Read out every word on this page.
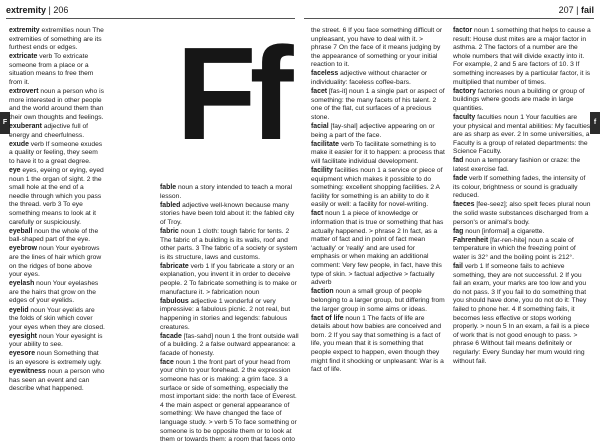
extremity | 206	207 | fail
F	f
Ff
extremity extremities noun The extremities of something are its furthest ends or edges.
extricate verb To extricate someone from a place or a situation means to free them from it.
extrovert noun a person who is more interested in other people and the world around them than their own thoughts and feelings.
exuberant adjective full of energy and cheerfulness.
exude verb If someone exudes a quality or feeling, they seem to have it to a great degree.
eye eyes, eyeing or eying, eyed noun 1 the organ of sight. 2 the small hole at the end of a needle through which you pass the thread. verb 3 To eye something means to look at it carefully or suspiciously.
eyeball noun the whole of the ball-shaped part of the eye.
eyebrow noun Your eyebrows are the lines of hair which grow on the ridges of bone above your eyes.
eyelash noun Your eyelashes are the hairs that grow on the edges of your eyelids.
eyelid noun Your eyelids are the folds of skin which cover your eyes when they are closed.
eyesight noun Your eyesight is your ability to see.
eyesore noun Something that is an eyesore is extremely ugly.
eyewitness noun a person who has seen an event and can describe what happened.
fable noun a story intended to teach a moral lesson.
fabled adjective well-known because many stories have been told about it: the fabled city of Troy.
fabric noun 1 cloth: tough fabric for tents. 2 The fabric of a building is its walls, roof and other parts. 3 The fabric of a society or system is its structure, laws and customs.
fabricate verb 1 If you fabricate a story or an explanation, you invent it in order to deceive people. 2 To fabricate something is to make or manufacture it. > fabrication noun
fabulous adjective 1 wonderful or very impressive: a fabulous picnic. 2 not real, but happening in stories and legends: fabulous creatures.
facade [fas-sahd] noun 1 the front outside wall of a building. 2 a false outward appearance: a facade of honesty.
face noun 1 the front part of your head from your chin to your forehead. 2 the expression someone has or is making: a grim face. 3 a surface or side of something, especially the most important side: the north face of Everest. 4 the main aspect or general appearance of something: We have changed the face of language study. > verb 5 To face something or someone is to be opposite them or to look at them or towards them: a room that faces onto
the street. 6 If you face something difficult or unpleasant, you have to deal with it. > phrase 7 On the face of it means judging by the appearance of something or your initial reaction to it.
faceless adjective without character or individuality: faceless coffee-bars.
facet [fas-it] noun 1 a single part or aspect of something: the many facets of his talent. 2 one of the flat, cut surfaces of a precious stone.
facial [fay-shal] adjective appearing on or being a part of the face.
facilitate verb To facilitate something is to make it easier for it to happen: a process that will facilitate individual development.
facility facilities noun 1 a service or piece of equipment which makes it possible to do something: excellent shopping facilities. 2 A facility for something is an ability to do it easily or well: a facility for novel-writing.
fact noun 1 a piece of knowledge or information that is true or something that has actually happened. > phrase 2 In fact, as a matter of fact and in point of fact mean 'actually' or 'really' and are used for emphasis or when making an additional comment: Very few people, in fact, have this type of skin. > factual adjective > factually adverb
faction noun a small group of people belonging to a larger group, but differing from the larger group in some aims or ideas.
fact of life noun 1 The facts of life are details about how babies are conceived and born. 2 If you say that something is a fact of life, you mean that it is something that people expect to happen, even though they might find it shocking or unpleasant: War is a fact of life.
factor noun 1 something that helps to cause a result: House dust mites are a major factor in asthma. 2 The factors of a number are the whole numbers that will divide exactly into it. For example, 2 and 5 are factors of 10. 3 If something increases by a particular factor, it is multiplied that number of times.
factory factories noun a building or group of buildings where goods are made in large quantities.
faculty faculties noun 1 Your faculties are your physical and mental abilities: My faculties are as sharp as ever. 2 In some universities, a Faculty is a group of related departments: the Science Faculty.
fad noun a temporary fashion or craze: the latest exercise fad.
fade verb If something fades, the intensity of its colour, brightness or sound is gradually reduced.
faeces [fee-seez]; also spelt feces plural noun the solid waste substances discharged from a person's or animal's body.
fag noun [informal] a cigarette.
Fahrenheit [far-ren-hite] noun a scale of temperature in which the freezing point of water is 32° and the boiling point is 212°.
fail verb 1 If someone fails to achieve something, they are not successful. 2 If you fail an exam, your marks are too low and you do not pass. 3 If you fail to do something that you should have done, you do not do it: They failed to phone her. 4 If something fails, it becomes less effective or stops working properly. > noun 5 In an exam, a fail is a piece of work that is not good enough to pass. > phrase 6 Without fail means definitely or regularly: Every Sunday her mum would ring without fail.
